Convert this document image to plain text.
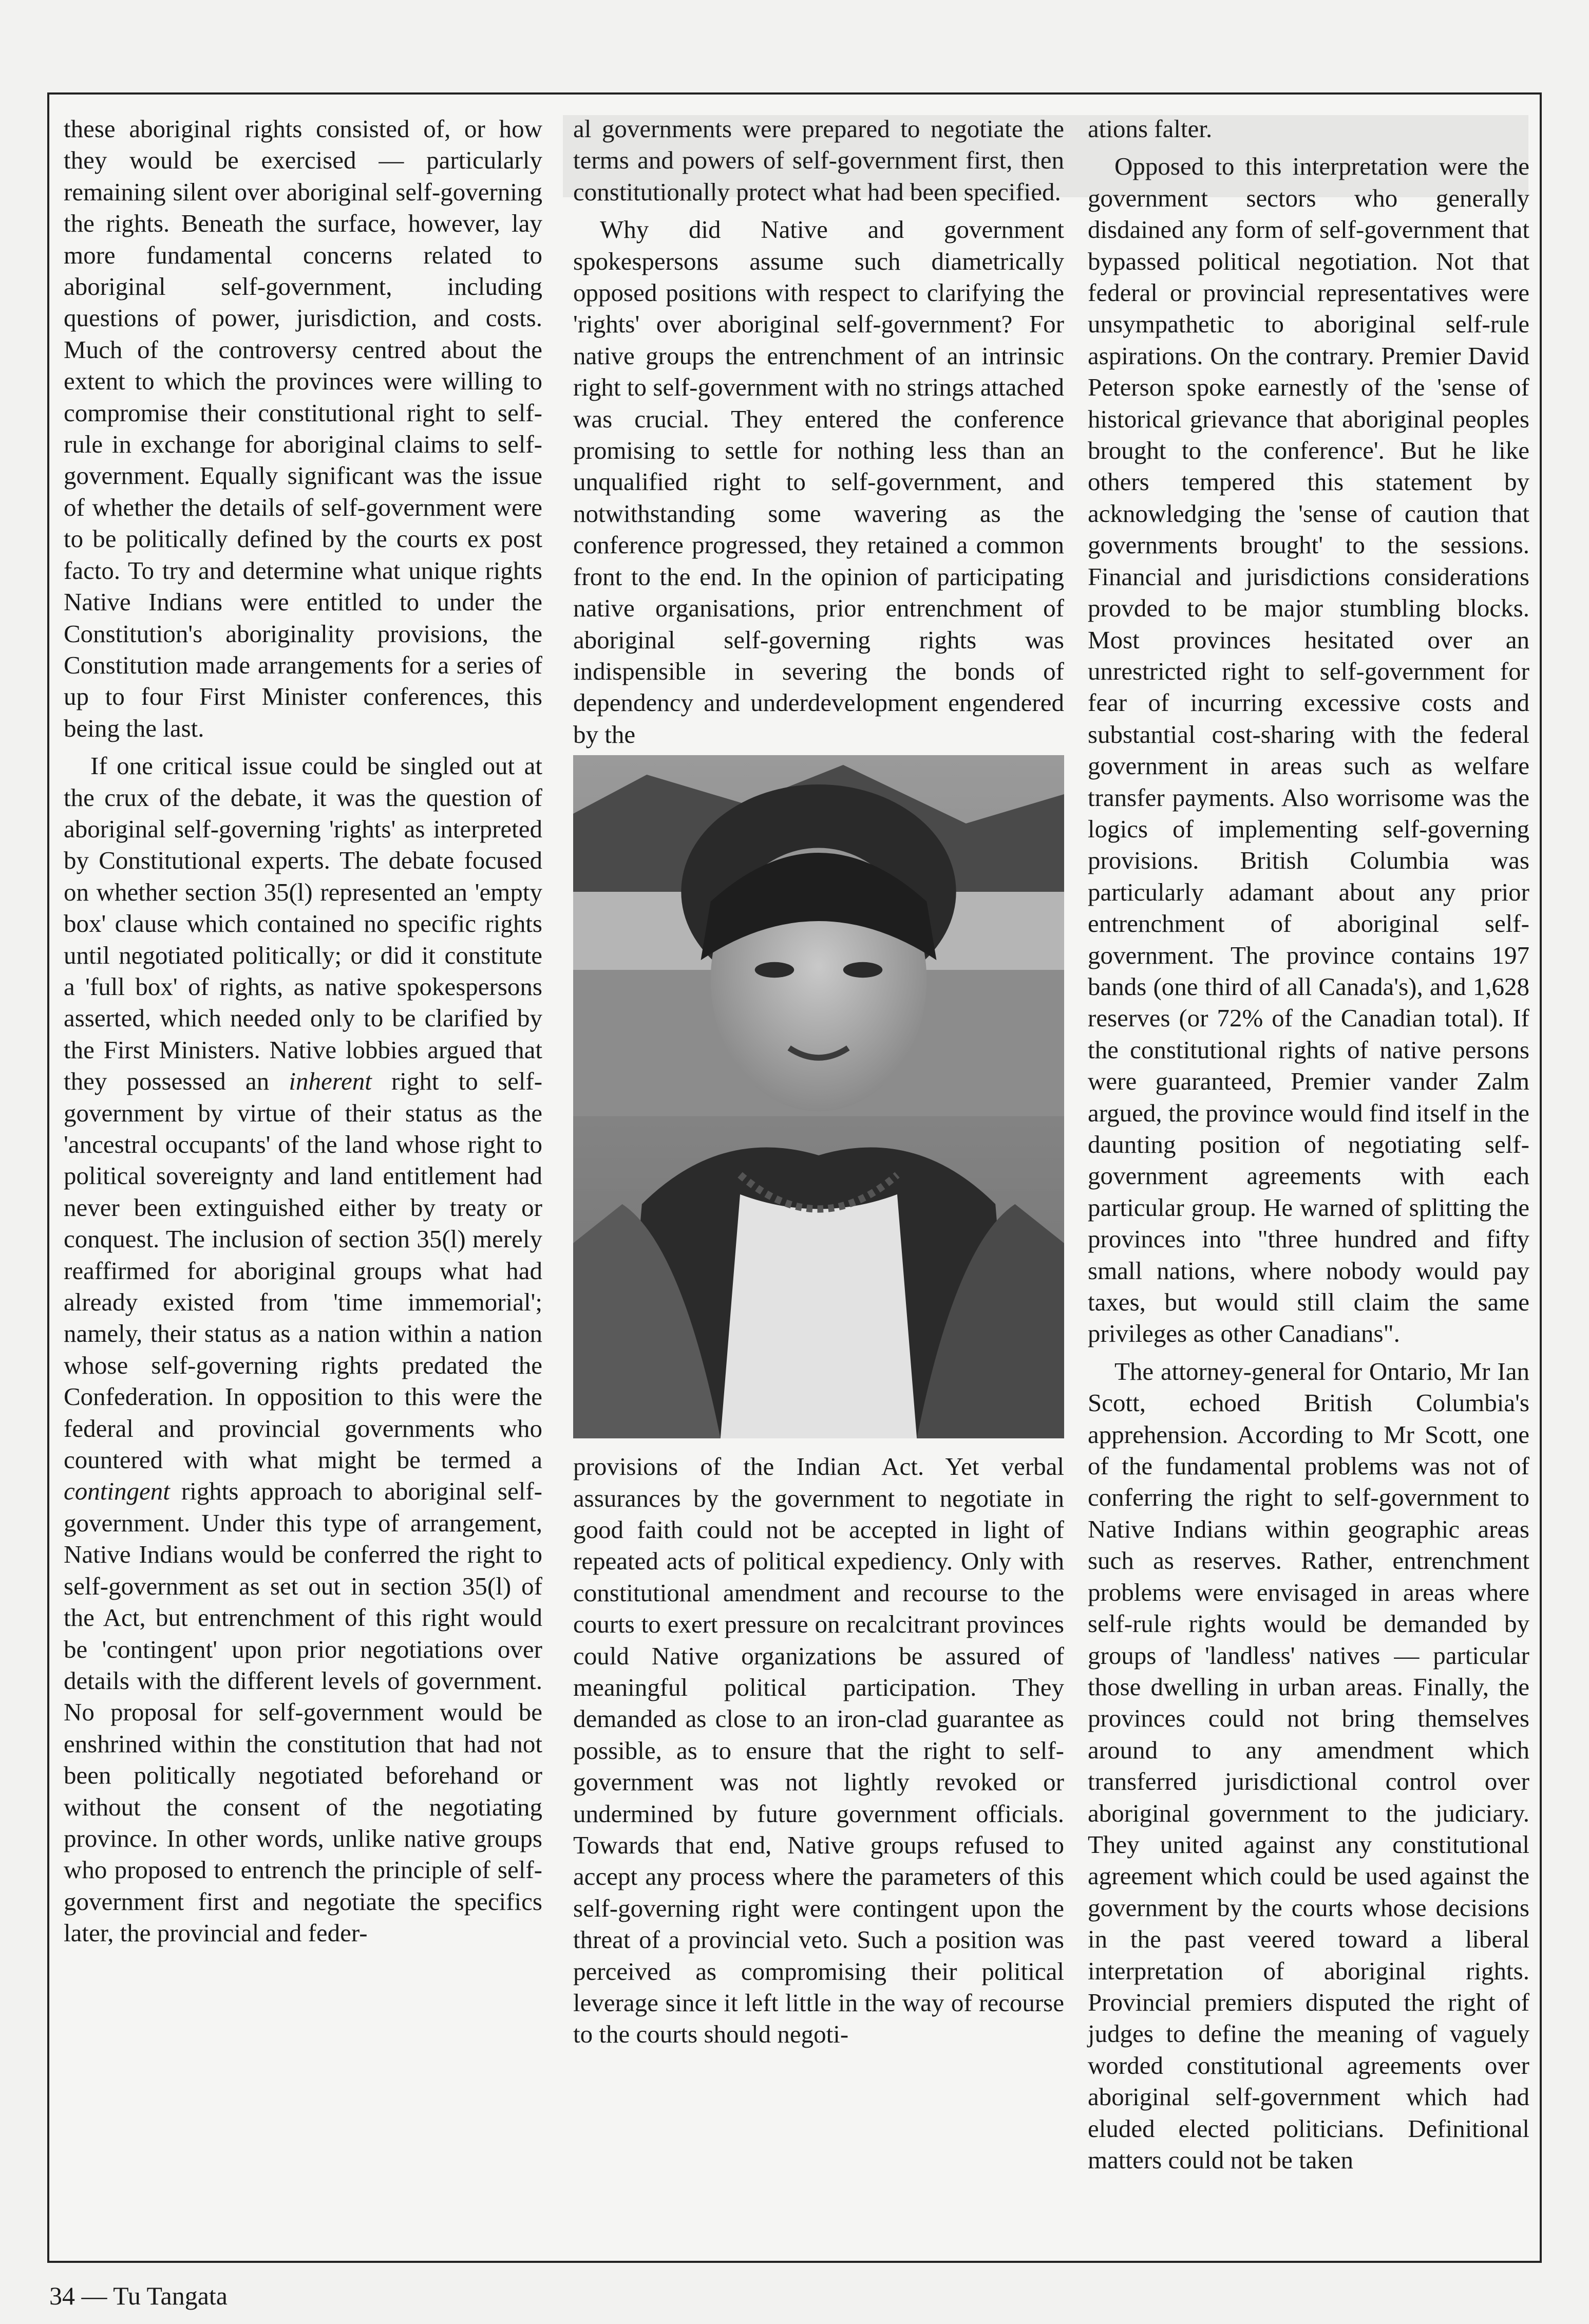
these aboriginal rights consisted of, or how they would be exercised — particularly remaining silent over aboriginal self-governing the rights. Beneath the surface, however, lay more fundamental concerns related to aboriginal self-government, including questions of power, jurisdiction, and costs. Much of the controversy centred about the extent to which the provinces were willing to compromise their constitutional right to self-rule in exchange for aboriginal claims to self-government. Equally significant was the issue of whether the details of self-government were to be politically defined by the courts ex post facto. To try and determine what unique rights Native Indians were entitled to under the Constitution's aboriginality provisions, the Constitution made arrangements for a series of up to four First Minister conferences, this being the last.

If one critical issue could be singled out at the crux of the debate, it was the question of aboriginal self-governing 'rights' as interpreted by Constitutional experts. The debate focused on whether section 35(l) represented an 'empty box' clause which contained no specific rights until negotiated politically; or did it constitute a 'full box' of rights, as native spokespersons asserted, which needed only to be clarified by the First Ministers. Native lobbies argued that they possessed an inherent right to self-government by virtue of their status as the 'ancestral occupants' of the land whose right to political sovereignty and land entitlement had never been extinguished either by treaty or conquest. The inclusion of section 35(l) merely reaffirmed for aboriginal groups what had already existed from 'time immemorial'; namely, their status as a nation within a nation whose self-governing rights predated the Confederation. In opposition to this were the federal and provincial governments who countered with what might be termed a contingent rights approach to aboriginal self-government. Under this type of arrangement, Native Indians would be conferred the right to self-government as set out in section 35(l) of the Act, but entrenchment of this right would be 'contingent' upon prior negotiations over details with the different levels of government. No proposal for self-government would be enshrined within the constitution that had not been politically negotiated beforehand or without the consent of the negotiating province. In other words, unlike native groups who proposed to entrench the principle of self-government first and negotiate the specifics later, the provincial and feder-

al governments were prepared to negotiate the terms and powers of self-government first, then constitutionally protect what had been specified.

Why did Native and government spokespersons assume such diametrically opposed positions with respect to clarifying the 'rights' over aboriginal self-government? For native groups the entrenchment of an intrinsic right to self-government with no strings attached was crucial. They entered the conference promising to settle for nothing less than an unqualified right to self-government, and notwithstanding some wavering as the conference progressed, they retained a common front to the end. In the opinion of participating native organisations, prior entrenchment of aboriginal self-governing rights was indispensible in severing the bonds of dependency and underdevelopment engendered by the

provisions of the Indian Act. Yet verbal assurances by the government to negotiate in good faith could not be accepted in light of repeated acts of political expediency. Only with constitutional amendment and recourse to the courts to exert pressure on recalcitrant provinces could Native organizations be assured of meaningful political participation. They demanded as close to an iron-clad guarantee as possible, as to ensure that the right to self-government was not lightly revoked or undermined by future government officials. Towards that end, Native groups refused to accept any process where the parameters of this self-governing right were contingent upon the threat of a provincial veto. Such a position was perceived as compromising their political leverage since it left little in the way of recourse to the courts should negoti-

ations falter.

Opposed to this interpretation were the government sectors who generally disdained any form of self-government that bypassed political negotiation. Not that federal or provincial representatives were unsympathetic to aboriginal self-rule aspirations. On the contrary. Premier David Peterson spoke earnestly of the 'sense of historical grievance that aboriginal peoples brought to the conference'. But he like others tempered this statement by acknowledging the 'sense of caution that governments brought' to the sessions. Financial and jurisdictions considerations provded to be major stumbling blocks. Most provinces hesitated over an unrestricted right to self-government for fear of incurring excessive costs and substantial cost-sharing with the federal government in areas such as welfare transfer payments. Also worrisome was the logics of implementing self-governing provisions. British Columbia was particularly adamant about any prior entrenchment of aboriginal self-government. The province contains 197 bands (one third of all Canada's), and 1,628 reserves (or 72% of the Canadian total). If the constitutional rights of native persons were guaranteed, Premier vander Zalm argued, the province would find itself in the daunting position of negotiating self-government agreements with each particular group. He warned of splitting the provinces into "three hundred and fifty small nations, where nobody would pay taxes, but would still claim the same privileges as other Canadians".

The attorney-general for Ontario, Mr Ian Scott, echoed British Columbia's apprehension. According to Mr Scott, one of the fundamental problems was not of conferring the right to self-government to Native Indians within geographic areas such as reserves. Rather, entrenchment problems were envisaged in areas where self-rule rights would be demanded by groups of 'landless' natives — particular those dwelling in urban areas. Finally, the provinces could not bring themselves around to any amendment which transferred jurisdictional control over aboriginal government to the judiciary. They united against any constitutional agreement which could be used against the government by the courts whose decisions in the past veered toward a liberal interpretation of aboriginal rights. Provincial premiers disputed the right of judges to define the meaning of vaguely worded constitutional agreements over aboriginal self-government which had eluded elected politicians. Definitional matters could not be taken

34 — Tu Tangata
